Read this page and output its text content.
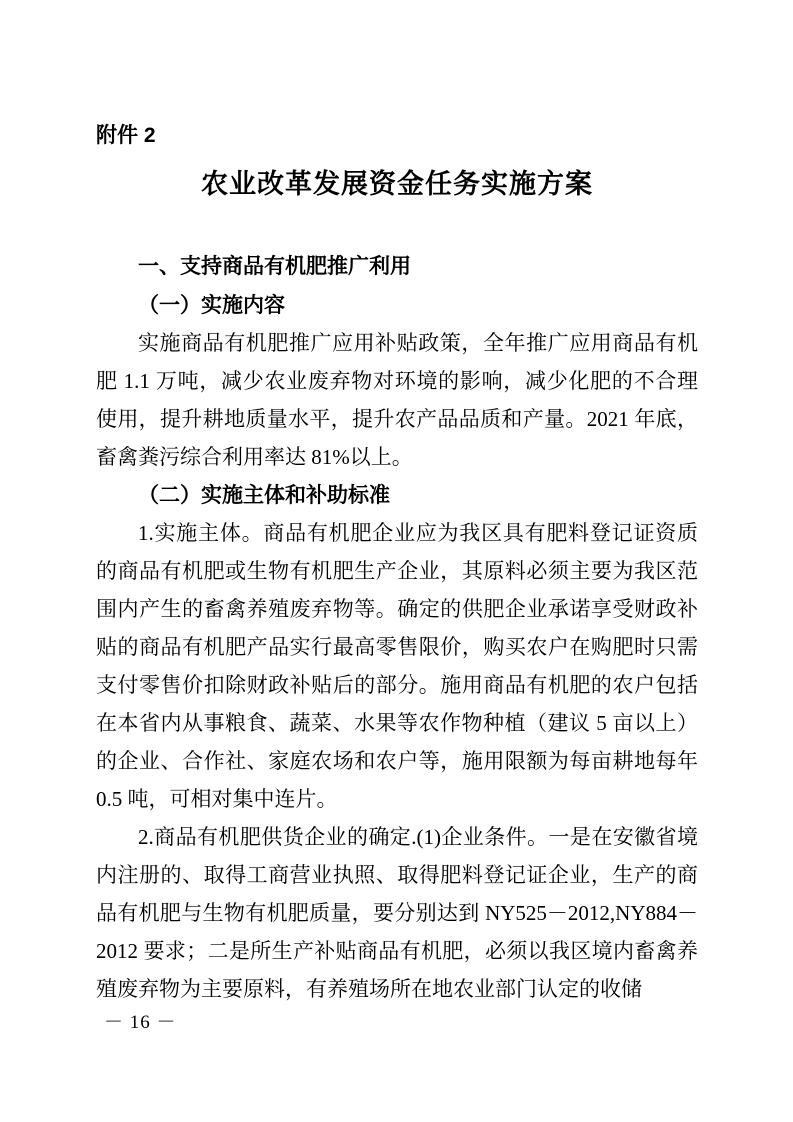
附件 2
农业改革发展资金任务实施方案

一、支持商品有机肥推广利用

（一）实施内容

实施商品有机肥推广应用补贴政策，全年推广应用商品有机肥 1.1 万吨，减少农业废弃物对环境的影响，减少化肥的不合理使用，提升耕地质量水平，提升农产品品质和产量。2021 年底，畜禽粪污综合利用率达 81%以上。

（二）实施主体和补助标准

1.实施主体。商品有机肥企业应为我区具有肥料登记证资质的商品有机肥或生物有机肥生产企业，其原料必须主要为我区范围内产生的畜禽养殖废弃物等。确定的供肥企业承诺享受财政补贴的商品有机肥产品实行最高零售限价，购买农户在购肥时只需支付零售价扣除财政补贴后的部分。施用商品有机肥的农户包括在本省内从事粮食、蔬菜、水果等农作物种植（建议 5 亩以上）的企业、合作社、家庭农场和农户等，施用限额为每亩耕地每年 0.5 吨，可相对集中连片。

2.商品有机肥供货企业的确定.(1)企业条件。一是在安徽省境内注册的、取得工商营业执照、取得肥料登记证企业，生产的商品有机肥与生物有机肥质量，要分别达到 NY525－2012,NY884－2012 要求；二是所生产补贴商品有机肥，必须以我区境内畜禽养殖废弃物为主要原料，有养殖场所在地农业部门认定的收储

－ 16 －
